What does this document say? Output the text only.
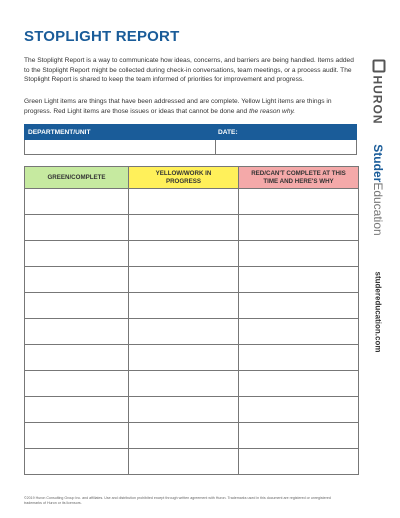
STOPLIGHT REPORT
The Stoplight Report is a way to communicate how ideas, concerns, and barriers are being handled. Items added to the Stoplight Report might be collected during check-in conversations, team meetings, or a process audit. The Stoplight Report is shared to keep the team informed of priorities for improvement and progress.
Green Light items are things that have been addressed and are complete. Yellow Light items are things in progress. Red Light items are those issues or ideas that cannot be done and the reason why.
DEPARTMENT/UNIT	DATE:
GREEN/COMPLETE	YELLOW/WORK IN PROGRESS	RED/CAN'T COMPLETE AT THIS TIME AND HERE'S WHY

HURON
StuderEducation
studereducation.com
©2019 Huron Consulting Group Inc. and affiliates. Use and distribution prohibited except through written agreement with Huron. Trademarks used in this document are registered or unregistered trademarks of Huron or its licensors.
